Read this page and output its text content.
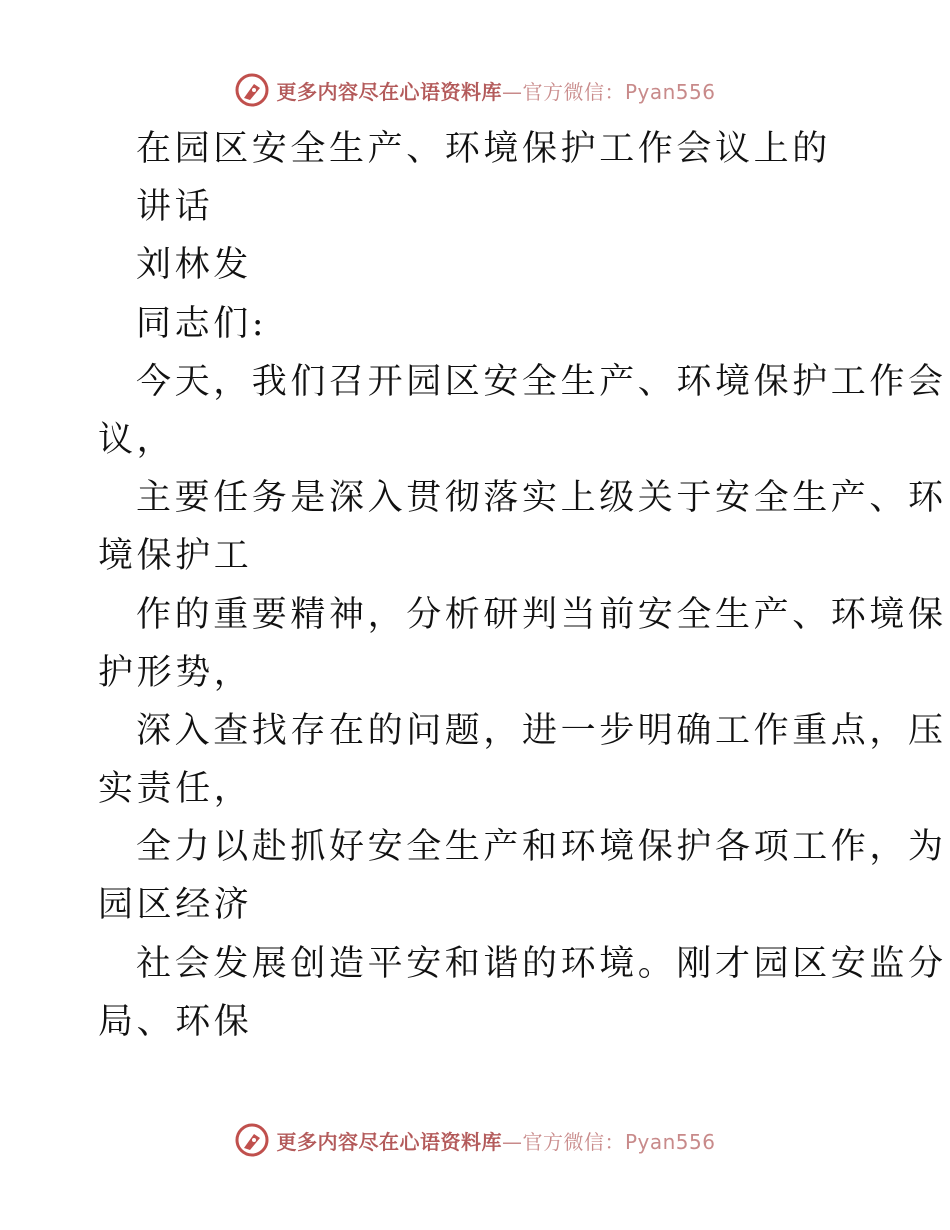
更多内容尽在心语资料库—官方微信：Pyan556
在园区安全生产、环境保护工作会议上的
讲话
刘林发
同志们:
今天，我们召开园区安全生产、环境保护工作会
议，
主要任务是深入贯彻落实上级关于安全生产、环
境保护工
作的重要精神，分析研判当前安全生产、环境保
护形势，
深入查找存在的问题，进一步明确工作重点，压
实责任，
全力以赴抓好安全生产和环境保护各项工作，为
园区经济
社会发展创造平安和谐的环境。刚才园区安监分
局、环保
更多内容尽在心语资料库—官方微信：Pyan556
